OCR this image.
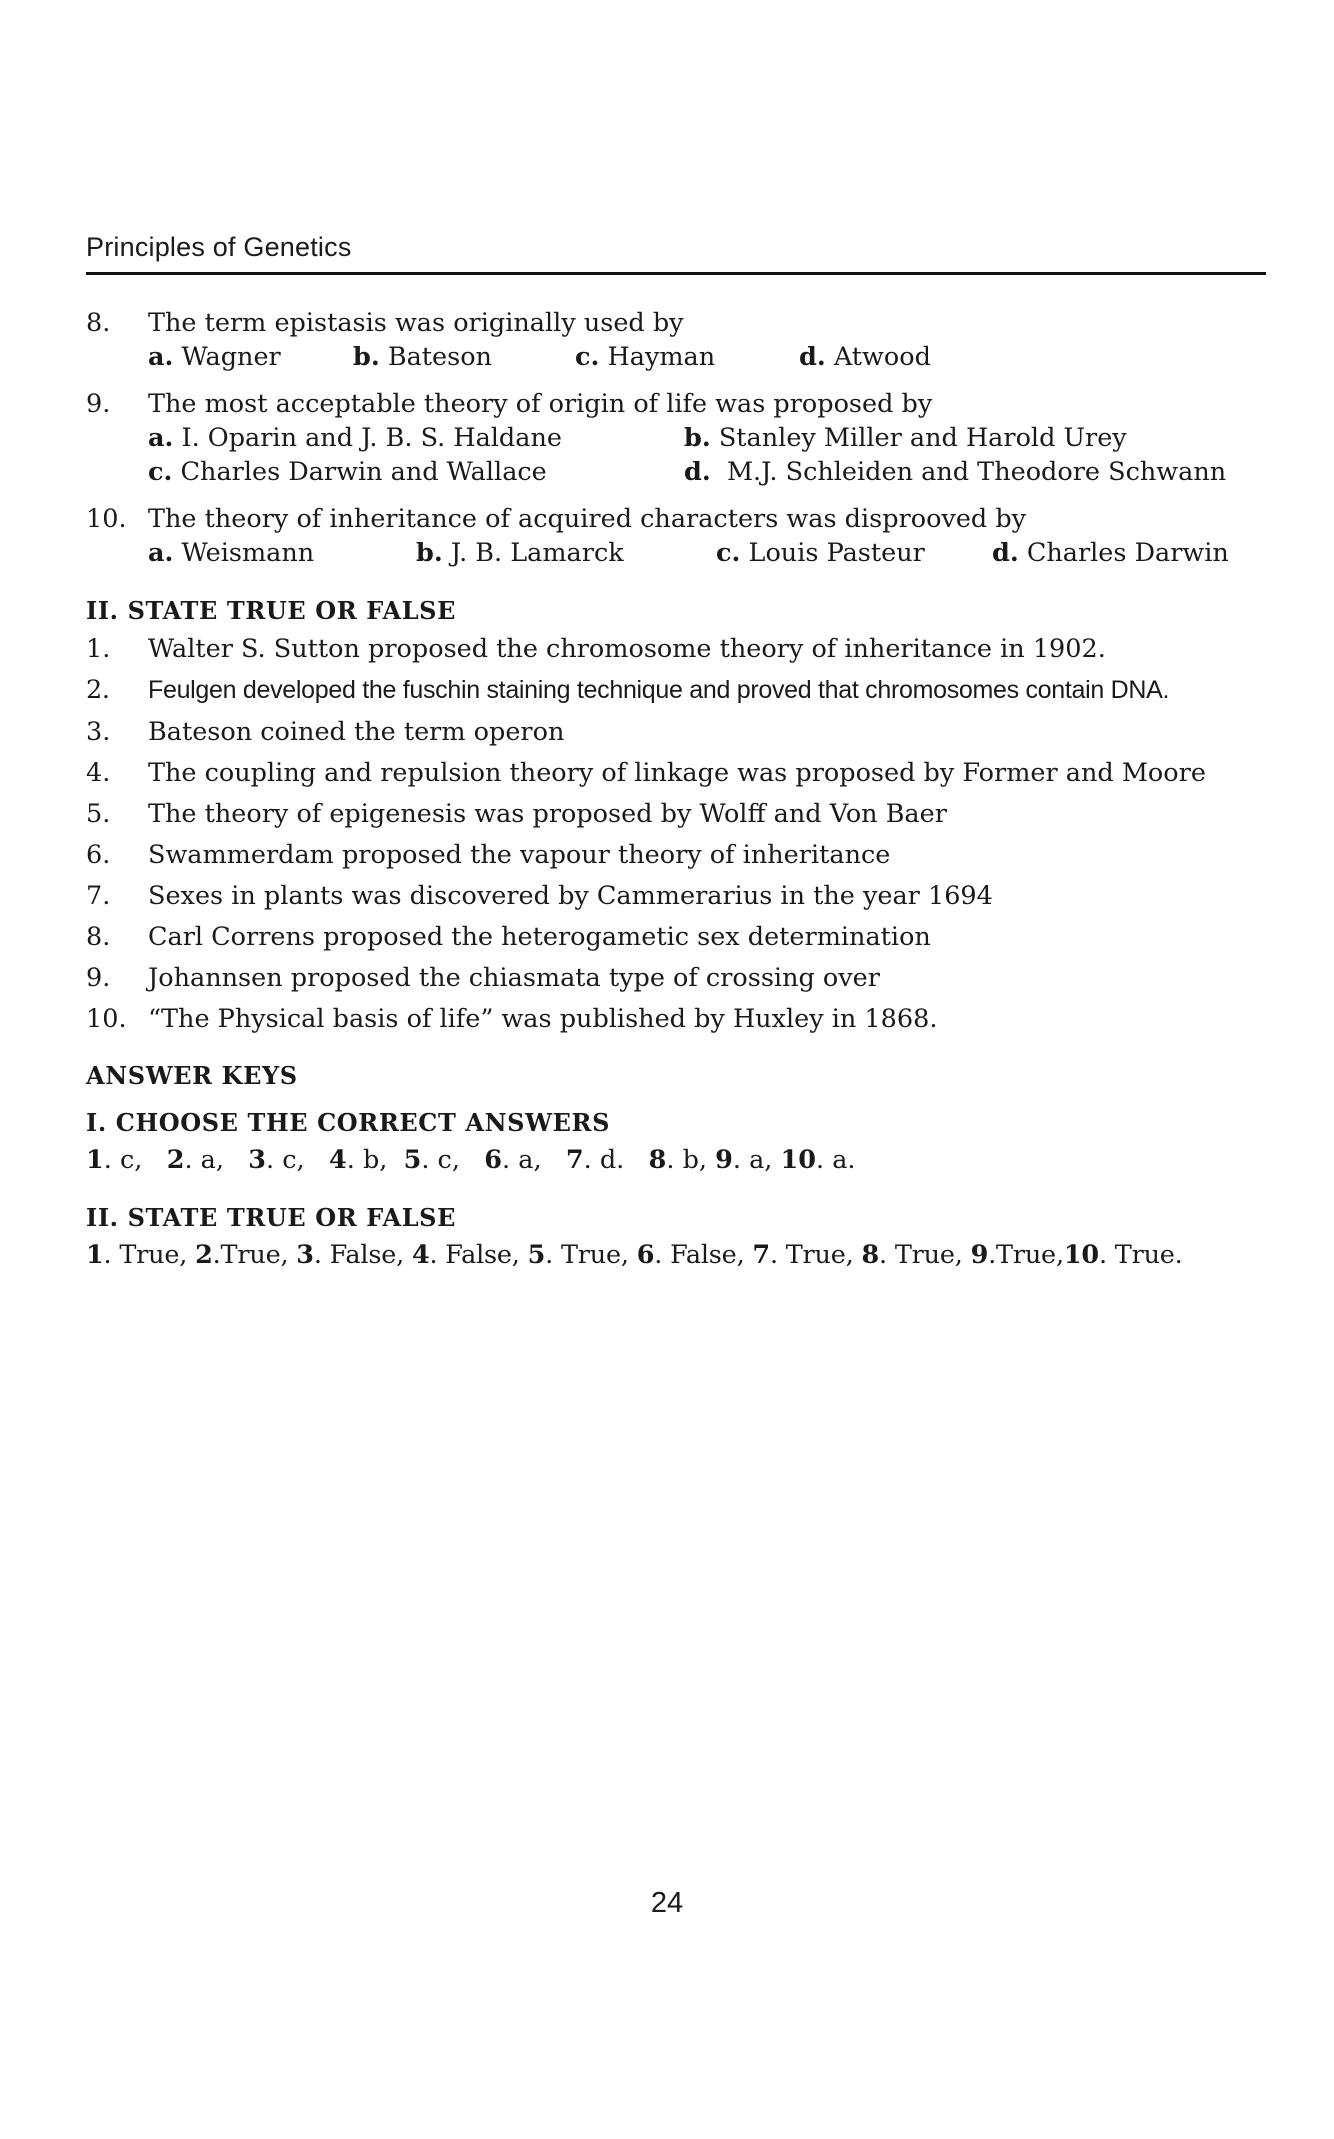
Principles of Genetics
8. The term epistasis was originally used by
a. Wagner	b. Bateson	c. Hayman	d. Atwood
9. The most acceptable theory of origin of life was proposed by
a. I. Oparin and J. B. S. Haldane	b. Stanley Miller and Harold Urey
c. Charles Darwin and Wallace	d. M.J. Schleiden and Theodore Schwann
10. The theory of inheritance of acquired characters was disprooved by
a. Weismann	b. J. B. Lamarck	c. Louis Pasteur	d. Charles Darwin
II. STATE TRUE OR FALSE
1. Walter S. Sutton proposed the chromosome theory of inheritance in 1902.
2. Feulgen developed the fuschin staining technique and proved that chromosomes contain DNA.
3. Bateson coined the term operon
4. The coupling and repulsion theory of linkage was proposed by Former and Moore
5. The theory of epigenesis was proposed by Wolff and Von Baer
6. Swammerdam proposed the vapour theory of inheritance
7. Sexes in plants was discovered by Cammerarius in the year 1694
8. Carl Correns proposed the heterogametic sex determination
9. Johannsen proposed the chiasmata type of crossing over
10. “The Physical basis of life” was published by Huxley in 1868.
ANSWER KEYS
I. CHOOSE THE CORRECT ANSWERS
1. c, 2. a, 3. c, 4. b, 5. c, 6. a, 7. d. 8. b, 9. a, 10. a.
II. STATE TRUE OR FALSE
1. True, 2.True, 3. False, 4. False, 5. True, 6. False, 7. True, 8. True, 9.True,10. True.
24
